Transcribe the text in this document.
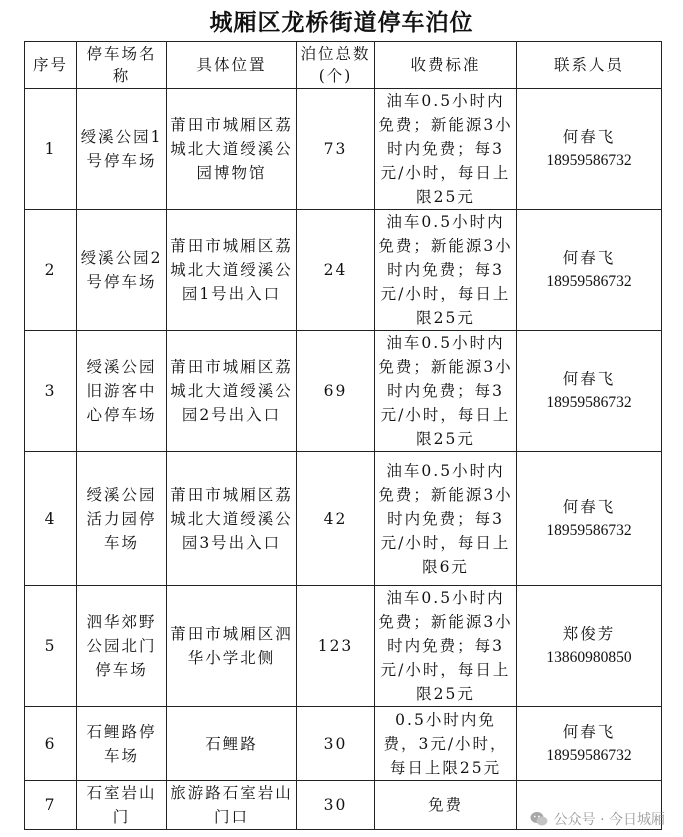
城厢区龙桥街道停车泊位
序号	停车场名称	具体位置	泊位总数(个)	收费标准	联系人员
1	绶溪公园1号停车场	莆田市城厢区荔城北大道绶溪公园博物馆	73	油车0.5小时内免费；新能源3小时内免费；每3元/小时，每日上限25元	何春飞
18959586732

2	绶溪公园2号停车场	莆田市城厢区荔城北大道绶溪公园1号出入口	24	油车0.5小时内免费；新能源3小时内免费；每3元/小时，每日上限25元	何春飞
18959586732

3	绶溪公园旧游客中心停车场	莆田市城厢区荔城北大道绶溪公园2号出入口	69	油车0.5小时内免费；新能源3小时内免费；每3元/小时，每日上限25元	何春飞
18959586732

4	绶溪公园活力园停车场	莆田市城厢区荔城北大道绶溪公园3号出入口	42	油车0.5小时内免费；新能源3小时内免费；每3元/小时，每日上限6元	何春飞
18959586732

5	泗华郊野公园北门停车场	莆田市城厢区泗华小学北侧	123	油车0.5小时内免费；新能源3小时内免费；每3元/小时，每日上限25元	郑俊芳
13860980850

6	石鲤路停车场	石鲤路	30	0.5小时内免费，3元/小时，每日上限25元	何春飞
18959586732

7	石室岩山门	旅游路石室岩山门口	30	免费	
公众号 · 今日城厢
